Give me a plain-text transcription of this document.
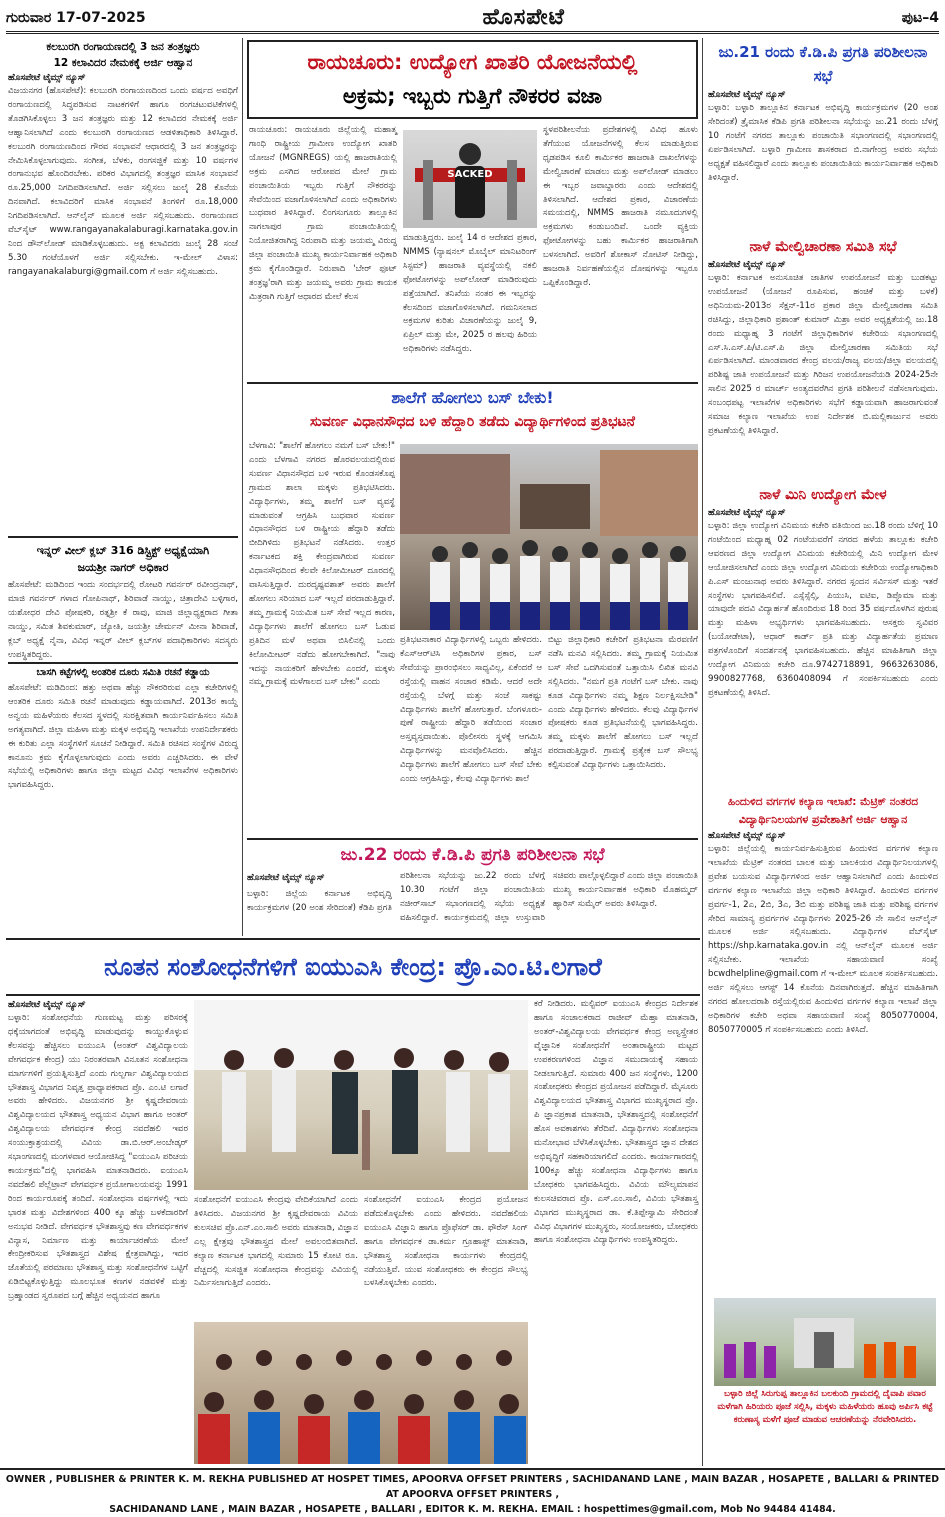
ಗುರುವಾರ 17-07-2025	ಹೊಸಪೇಟೆ	ಪುಟ–4
ಕಲಬುರಗಿ ರಂಗಾಯಣದಲ್ಲಿ 3 ಜನ ತಂತ್ರಜ್ಞರು
12 ಕಲಾವಿದರ ನೇಮಕಕ್ಕೆ ಅರ್ಜಿ ಆಹ್ವಾನ
ಹೊಸಪೇಟೆ ಟೈಮ್ಸ್ ನ್ಯೂಸ್
ವಿಜಯನಗರ (ಹೊಸಪೇಟೆ): ಕಲಬುರಗಿ ರಂಗಾಯಣದಿಂದ ಒಂದು ವರ್ಷದ ಅವಧಿಗೆ ರಂಗಾಯಣದಲ್ಲಿ ಸಿದ್ಧಪಡಿಸುವ ನಾಟಕಗಳಿಗೆ ಹಾಗೂ ರಂಗಚಟುವಟಿಕೆಗಳಲ್ಲಿ ತೊಡಗಿಸಿಕೊಳ್ಳಲು 3 ಜನ ತಂತ್ರಜ್ಞರು ಮತ್ತು 12 ಕಲಾವಿದರ ನೇಮಕಕ್ಕೆ ಅರ್ಜಿ ಆಹ್ವಾನಿಸಲಾಗಿದೆ ಎಂದು ಕಲಬುರಗಿ ರಂಗಾಯಣದ ಆಡಳಿತಾಧಿಕಾರಿ ತಿಳಿಸಿದ್ದಾರೆ. ಕಲಬುರಗಿ ರಂಗಾಯಣದಿಂದ ಗೌರವ ಸಂಭಾವನೆ ಆಧಾರದಲ್ಲಿ 3 ಜನ ತಂತ್ರಜ್ಞರನ್ನು ನೇಮಿಸಿಕೊಳ್ಳಲಾಗುವುದು. ಸಂಗೀತ, ಬೆಳಕು, ರಂಗಸಜ್ಜಿಕೆ ಮತ್ತು 10 ವರ್ಷಗಳ ರಂಗಾನುಭವ ಹೊಂದಿರಬೇಕು. ಪರಿಕರ ವಿಭಾಗದಲ್ಲಿ ತಂತ್ರಜ್ಞರ ಮಾಸಿಕ ಸಂಭಾವನೆ ರೂ.25,000 ನಿಗದಿಪಡಿಸಲಾಗಿದೆ. ಅರ್ಜಿ ಸಲ್ಲಿಸಲು ಜುಲೈ 28 ಕೊನೆಯ ದಿನವಾಗಿದೆ. ಕಲಾವಿದರಿಗೆ ಮಾಸಿಕ ಸಂಭಾವನೆ ತಿಂಗಳಿಗೆ ರೂ.18,000 ನಿಗದಿಪಡಿಸಲಾಗಿದೆ. ಆನ್‌ಲೈನ್ ಮೂಲಕ ಅರ್ಜಿ ಸಲ್ಲಿಸಬಹುದು. ರಂಗಾಯಣದ ವೆಬ್‌ಸೈಟ್ www.rangayanakalaburagi.karnataka.gov.in ನಿಂದ ಡೌನ್‌ಲೋಡ್ ಮಾಡಿಕೊಳ್ಳಬಹುದು. ಅಕ್ಟ ಕಲಾವಿದರು ಜುಲೈ 28 ಸಂಜೆ 5.30 ಗಂಟೆಯೊಳಗೆ ಅರ್ಜಿ ಸಲ್ಲಿಸಬೇಕು. ಇ-ಮೇಲ್ ವಿಳಾಸ: rangayanakalaburgi@gmail.com ಗೆ ಅರ್ಜಿ ಸಲ್ಲಿಸಬಹುದು.
ಇನ್ನರ್ ವೀಲ್ ಕ್ಲಬ್ 316 ಡಿಸ್ಟ್ರಿಕ್ಟ್ ಅಧ್ಯಕ್ಷೆಯಾಗಿ
ಜಯಶ್ರೀ ನಾಗರ್ ಅಧಿಕಾರ
ಹೊಸಪೇಟೆ: ಮಡಿದಿಂದ ಇಂದು ಸಂದರ್ಭದಲ್ಲಿ ರೋಟರಿ ಗವರ್ನರ್ ರವೀಂದ್ರನಾಥ್, ಮಾಜಿ ಗವರ್ನರ್ ಗಳಾದ ಗೋಪಿನಾಥ್, ಶಿರಿವಾಡೆ ನಾಯ್ಡು, ಚಿತ್ರಾದೇವಿ ಬಳ್ಳಿಗಾರ, ಯಶೋಧರ ದೇವಿ ಪೋಷಕರಿ, ರತ್ನಶ್ರೀ ಕೆ ರಾವು, ಮಾಜಿ ಜಿಲ್ಲಾಧ್ಯಕ್ಷರಾದ ಗೀತಾ ನಾಯ್ಡು, ಸಮಿತ ಶಿವಕುಮಾರ್, ಜ್ಯೋತಿ, ಜಯಶ್ರೀ ಚೇರ್ಮನ್ ಮೀನಾ ಶಿರಿವಾಡೆ, ಕ್ಲಬ್ ಅಧ್ಯಕ್ಷೆ ನೈನಾ, ವಿವಿಧ ಇನ್ನರ್ ವೀಲ್ ಕ್ಲಬ್‌ಗಳ ಪದಾಧಿಕಾರಿಗಳು ಸದಸ್ಯರು ಉಪಸ್ಥಿತರಿದ್ದರು.
ಬಾಸಗಿ ಕಟ್ಟೆಗಳಲ್ಲಿ ಅಂತರಿಕ ದೂರು ಸಮಿತಿ ರಚನೆ ಕಡ್ಡಾಯ
ಹೊಸಪೇಟೆ: ಮಡಿದಿಂದ: ಹತ್ತು ಅಥವಾ ಹೆಚ್ಚು ನೌಕರರಿರುವ ಎಲ್ಲಾ ಕಚೇರಿಗಳಲ್ಲಿ ಆಂತರಿಕ ದೂರು ಸಮಿತಿ ರಚನೆ ಮಾಡುವುದು ಕಡ್ಡಾಯವಾಗಿದೆ. 2013ರ ಕಾಯ್ದೆ ಅನ್ವಯ ಮಹಿಳೆಯರು ಕೆಲಸದ ಸ್ಥಳದಲ್ಲಿ ಸುರಕ್ಷಿತವಾಗಿ ಕಾರ್ಯನಿರ್ವಹಿಸಲು ಸಮಿತಿ ಅಗತ್ಯವಾಗಿದೆ. ಜಿಲ್ಲಾ ಮಹಿಳಾ ಮತ್ತು ಮಕ್ಕಳ ಅಭಿವೃದ್ಧಿ ಇಲಾಖೆಯ ಉಪನಿರ್ದೇಶಕರು ಈ ಕುರಿತು ಎಲ್ಲಾ ಸಂಸ್ಥೆಗಳಿಗೆ ಸೂಚನೆ ನೀಡಿದ್ದಾರೆ. ಸಮಿತಿ ರಚಿಸದ ಸಂಸ್ಥೆಗಳ ವಿರುದ್ಧ ಕಾನೂನು ಕ್ರಮ ಕೈಗೊಳ್ಳಲಾಗುವುದು ಎಂದು ಅವರು ಎಚ್ಚರಿಸಿದರು. ಈ ವೇಳೆ ಸಭೆಯಲ್ಲಿ ಅಧಿಕಾರಿಗಳು ಹಾಗೂ ಜಿಲ್ಲಾ ಮಟ್ಟದ ವಿವಿಧ ಇಲಾಖೆಗಳ ಅಧಿಕಾರಿಗಳು ಭಾಗವಹಿಸಿದ್ದರು.
ರಾಯಚೂರು: ಉದ್ಯೋಗ ಖಾತರಿ ಯೋಜನೆಯಲ್ಲಿ
ಅಕ್ರಮ; ಇಬ್ಬರು ಗುತ್ತಿಗೆ ನೌಕರರ ವಜಾ
ರಾಯಚೂರು: ರಾಯಚೂರು ಜಿಲ್ಲೆಯಲ್ಲಿ ಮಹಾತ್ಮ ಗಾಂಧಿ ರಾಷ್ಟ್ರೀಯ ಗ್ರಾಮೀಣ ಉದ್ಯೋಗ ಖಾತರಿ ಯೋಜನೆ (MGNREGS) ಯಲ್ಲಿ ಹಾಜರಾತಿಯಲ್ಲಿ ಅಕ್ರಮ ಎಸಗಿದ ಆರೋಪದ ಮೇಲೆ ಗ್ರಾಮ ಪಂಚಾಯಿತಿಯ ಇಬ್ಬರು ಗುತ್ತಿಗೆ ನೌಕರರನ್ನು ಸೇವೆಯಿಂದ ವಜಾಗೊಳಿಸಲಾಗಿದೆ ಎಂದು ಅಧಿಕಾರಿಗಳು ಬುಧವಾರ ತಿಳಿಸಿದ್ದಾರೆ. ಲಿಂಗಸುಗೂರು ತಾಲ್ಲೂಕಿನ ನಾಗಲಾಪುರ ಗ್ರಾಮ ಪಂಚಾಯಿತಿಯಲ್ಲಿ ನಿಯೋಜಿತರಾಗಿದ್ದ ನಿರುಪಾದಿ ಮತ್ತು ಜಯಮ್ಮ ವಿರುದ್ಧ ಜಿಲ್ಲಾ ಪಂಚಾಯಿತಿ ಮುಖ್ಯ ಕಾರ್ಯನಿರ್ವಾಹಕ ಅಧಿಕಾರಿ ಕ್ರಮ ಕೈಗೊಂಡಿದ್ದಾರೆ. ನಿರುಪಾದಿ 'ಬೇರ್ ಫೂಟ್ ತಂತ್ರಜ್ಞ'ರಾಗಿ ಮತ್ತು ಜಯಮ್ಮ ಅವರು ಗ್ರಾಮ ಕಾಯಕ ಮಿತ್ರರಾಗಿ ಗುತ್ತಿಗೆ ಆಧಾರದ ಮೇಲೆ ಕೆಲಸ
SACKED
ಮಾಡುತ್ತಿದ್ದರು. ಜುಲೈ 14 ರ ಆದೇಶದ ಪ್ರಕಾರ, NMMS (ನ್ಯಾಷನಲ್ ಮೊಬೈಲ್ ಮಾನಿಟರಿಂಗ್ ಸಿಸ್ಟಮ್) ಹಾಜರಾತಿ ವ್ಯವಸ್ಥೆಯಲ್ಲಿ ನಕಲಿ ಫೋಟೋಗಳನ್ನು ಅಪ್‌ಲೋಡ್ ಮಾಡಿರುವುದು ಪತ್ತೆಯಾಗಿದೆ. ತನಿಖೆಯ ನಂತರ ಈ ಇಬ್ಬರನ್ನು ಕೆಲಸದಿಂದ ವಜಾಗೊಳಿಸಲಾಗಿದೆ. ಗಮನಿಸಲಾದ ಅಕ್ರಮಗಳ ಕುರಿತು ವಿಚಾರಣೆಯನ್ನು ಜುಲೈ 9, ಏಪ್ರಿಲ್ ಮತ್ತು ಮೇ, 2025 ರ ಹಲವು ಹಿರಿಯ ಅಧಿಕಾರಿಗಳು ನಡೆಸಿದ್ದರು.
ಸ್ಥಳಪರಿಶೀಲನೆಯ ಪ್ರದೇಶಗಳಲ್ಲಿ ವಿವಿಧ ಹೂಳು ತೆಗೆಯುವ ಯೋಜನೆಗಳಲ್ಲಿ ಕೆಲಸ ಮಾಡುತ್ತಿರುವ ಧೃಡಪಡಿಸ ಕೂಲಿ ಕಾರ್ಮಿಕರ ಹಾಜರಾತಿ ದಾಖಲೆಗಳನ್ನು ಮೇಲ್ವಿಚಾರಣೆ ಮಾಡಲು ಮತ್ತು ಅಪ್‌ಲೋಡ್ ಮಾಡಲು ಈ ಇಬ್ಬರ ಜವಾಬ್ದಾರರು ಎಂದು ಆದೇಶದಲ್ಲಿ ತಿಳಿಸಲಾಗಿದೆ. ಆದೇಶದ ಪ್ರಕಾರ, ವಿಚಾರಣೆಯ ಸಮಯದಲ್ಲಿ, NMMS ಹಾಜರಾತಿ ನಮೂದುಗಳಲ್ಲಿ ಅಕ್ರಮಗಳು ಕಂಡುಬಂದಿವೆ. ಒಂದೇ ವ್ಯಕ್ತಿಯ ಫೋಟೋಗಳನ್ನು ಬಹು ಕಾರ್ಮಿಕರ ಹಾಜರಾತಿಗಾಗಿ ಬಳಸಲಾಗಿದೆ. ಅವರಿಗೆ ಶೋಕಾಸ್ ನೋಟಿಸ್ ನೀಡಿದ್ದು, ಹಾಜರಾತಿ ನಿರ್ವಹಣೆಯಲ್ಲಿನ ದೋಷಗಳನ್ನು ಇಬ್ಬರೂ ಒಪ್ಪಿಕೊಂಡಿದ್ದಾರೆ.
ಶಾಲೆಗೆ ಹೋಗಲು ಬಸ್ ಬೇಕು!
ಸುವರ್ಣ ವಿಧಾನಸೌಧದ ಬಳಿ ಹೆದ್ದಾರಿ ತಡೆದು ವಿದ್ಯಾರ್ಥಿಗಳಿಂದ ಪ್ರತಿಭಟನೆ
ಬೆಳಗಾವಿ: "ಶಾಲೆಗೆ ಹೋಗಲು ನಮಗೆ ಬಸ್ ಬೇಕು!" ಎಂದು ಬೆಳಗಾವಿ ನಗರದ ಹೊರವಲಯದಲ್ಲಿರುವ ಸುವರ್ಣ ವಿಧಾನಸೌಧದ ಬಳಿ ಇರುವ ಕೊಂಡಸಕೊಪ್ಪ ಗ್ರಾಮದ ಶಾಲಾ ಮಕ್ಕಳು ಪ್ರತಿಭಟಿಸಿದರು. ವಿದ್ಯಾರ್ಥಿಗಳು, ತಮ್ಮ ಶಾಲೆಗೆ ಬಸ್ ವ್ಯವಸ್ಥೆ ಮಾಡುವಂತೆ ಆಗ್ರಹಿಸಿ ಬುಧವಾರ ಸುವರ್ಣ ವಿಧಾನಸೌಧದ ಬಳಿ ರಾಷ್ಟ್ರೀಯ ಹೆದ್ದಾರಿ ತಡೆದು ಬೀದಿಗಿಳಿದು ಪ್ರತಿಭಟನೆ ನಡೆಸಿದರು. ಉತ್ತರ ಕರ್ನಾಟಕದ ಶಕ್ತಿ ಕೇಂದ್ರವಾಗಿರುವ ಸುವರ್ಣ ವಿಧಾನಸೌಧದಿಂದ ಕೆಲವೇ ಕಿಲೋಮೀಟರ್ ದೂರದಲ್ಲಿ ವಾಸಿಸುತ್ತಿದ್ದಾರೆ. ದುರದೃಷ್ಟವಶಾತ್ ಅವರು ಶಾಲೆಗೆ ಹೋಗಲು ಸರಿಯಾದ ಬಸ್ ಇಲ್ಲದೆ ಪರದಾಡುತ್ತಿದ್ದಾರೆ. ತಮ್ಮ ಗ್ರಾಮಕ್ಕೆ ನಿಯಮಿತ ಬಸ್ ಸೇವೆ ಇಲ್ಲದ ಕಾರಣ, ವಿದ್ಯಾರ್ಥಿಗಳು ಶಾಲೆಗೆ ಹೋಗಲು ಬಸ್ ಓಡುವ ಪ್ರತಿದಿನ ಮಳೆ ಅಥವಾ ಬಿಸಿಲಿನಲ್ಲಿ ಒಂದು ಕಿಲೋಮೀಟರ್ ನಡೆದು ಹೋಗಬೇಕಾಗಿದೆ. "ನಾವು ಇದನ್ನು ನಾಯಕರಿಗೆ ಹೇಳಬೇಕು ಎಂದರೆ, ಮಕ್ಕಳು ನಮ್ಮ ಗ್ರಾಮಕ್ಕೆ ಮಳೆಗಾಲದ ಬಸ್ ಬೇಕು" ಎಂದು
ಪ್ರತಿಭಟನಾಕಾರ ವಿದ್ಯಾರ್ಥಿಗಳಲ್ಲಿ ಒಬ್ಬರು ಹೇಳಿದರು. ಕೆಎಸ್‌ಆರ್‌ಟಿಸಿ ಅಧಿಕಾರಿಗಳ ಪ್ರಕಾರ, ಬಸ್ ಸೇವೆಯನ್ನು ಪ್ರಾರಂಭಿಸಲು ಸಾಧ್ಯವಿಲ್ಲ, ಏಕೆಂದರೆ ಆ ರಸ್ತೆಯಲ್ಲಿ ವಾಹನ ಸಂಚಾರ ಕಡಿಮೆ. ಆದರೆ ಅದೇ ರಸ್ತೆಯಲ್ಲಿ ಬೆಳಗ್ಗೆ ಮತ್ತು ಸಂಜೆ ಸಾಕಷ್ಟು ವಿದ್ಯಾರ್ಥಿಗಳು ಶಾಲೆಗೆ ಹೋಗುತ್ತಾರೆ. ಬೆಂಗಳೂರು-ಪುಣೆ ರಾಷ್ಟ್ರೀಯ ಹೆದ್ದಾರಿ ತಡೆಯಿಂದ ಸಂಚಾರ ಅಸ್ತವ್ಯಸ್ತವಾಯಿತು. ಪೊಲೀಸರು ಸ್ಥಳಕ್ಕೆ ಆಗಮಿಸಿ ವಿದ್ಯಾರ್ಥಿಗಳನ್ನು ಮನವೊಲಿಸಿದರು. ಹೆಚ್ಚಿನ ವಿದ್ಯಾರ್ಥಿಗಳು ಶಾಲೆಗೆ ಹೋಗಲು ಬಸ್ ಸೇವೆ ಬೇಕು ಎಂದು ಆಗ್ರಹಿಸಿದ್ದು, ಕೆಲವು ವಿದ್ಯಾರ್ಥಿಗಳು ಶಾಲೆ
ಬಿಟ್ಟು ಜಿಲ್ಲಾಧಿಕಾರಿ ಕಚೇರಿಗೆ ಪ್ರತಿಭಟನಾ ಮೆರವಣಿಗೆ ನಡೆಸಿ ಮನವಿ ಸಲ್ಲಿಸಿದರು. ತಮ್ಮ ಗ್ರಾಮಕ್ಕೆ ನಿಯಮಿತ ಬಸ್ ಸೇವೆ ಒದಗಿಸುವಂತೆ ಒತ್ತಾಯಿಸಿ ಲಿಖಿತ ಮನವಿ ಸಲ್ಲಿಸಿದರು. "ನಮಗೆ ಪ್ರತಿ ಗಂಟೆಗೆ ಬಸ್ ಬೇಕು. ನಾವು ಕೂಡ ವಿದ್ಯಾರ್ಥಿಗಳು ನಮ್ಮ ಶಿಕ್ಷಣ ನಿರ್ಲಕ್ಷಿಸಬೇಡಿ" ಎಂದು ವಿದ್ಯಾರ್ಥಿಗಳು ಹೇಳಿದರು. ಕೆಲವು ವಿದ್ಯಾರ್ಥಿಗಳ ಪೋಷಕರು ಕೂಡ ಪ್ರತಿಭಟನೆಯಲ್ಲಿ ಭಾಗವಹಿಸಿದ್ದರು. ತಮ್ಮ ಮಕ್ಕಳು ಶಾಲೆಗೆ ಹೋಗಲು ಬಸ್ ಇಲ್ಲದೆ ಪರದಾಡುತ್ತಿದ್ದಾರೆ. ಗ್ರಾಮಕ್ಕೆ ಪ್ರತ್ಯೇಕ ಬಸ್ ಸೌಲಭ್ಯ ಕಲ್ಪಿಸುವಂತೆ ವಿದ್ಯಾರ್ಥಿಗಳು ಒತ್ತಾಯಿಸಿದರು.
ಜು.22 ರಂದು ಕೆ.ಡಿ.ಪಿ ಪ್ರಗತಿ ಪರಿಶೀಲನಾ ಸಭೆ
ಹೊಸಪೇಟೆ ಟೈಮ್ಸ್ ನ್ಯೂಸ್
ಬಳ್ಳಾರಿ: ಜಿಲ್ಲೆಯ ಕರ್ನಾಟಕ ಅಭಿವೃದ್ಧಿ ಕಾರ್ಯಕ್ರಮಗಳ (20 ಅಂಶ ಸೇರಿದಂತೆ) ಕೆಡಿಪಿ ಪ್ರಗತಿ ಪರಿಶೀಲನಾ ಸಭೆಯನ್ನು ಜು.22 ರಂದು ಬೆಳಗ್ಗೆ 10.30 ಗಂಟೆಗೆ ಜಿಲ್ಲಾ ಪಂಚಾಯಿತಿಯ ನಜೀರ್‌ಸಾಬ್ ಸಭಾಂಗಣದಲ್ಲಿ ಸಭೆಯ ಅಧ್ಯಕ್ಷತೆ ವಹಿಸಲಿದ್ದಾರೆ. ಕಾರ್ಯಕ್ರಮದಲ್ಲಿ ಜಿಲ್ಲಾ ಉಸ್ತುವಾರಿ ಸಚಿವರು ಪಾಲ್ಗೊಳ್ಳಲಿದ್ದಾರೆ ಎಂದು ಜಿಲ್ಲಾ ಪಂಚಾಯಿತಿ ಮುಖ್ಯ ಕಾರ್ಯನಿರ್ವಾಹಕ ಅಧಿಕಾರಿ ಮೊಹಮ್ಮದ್ ಹ್ಯಾರಿಸ್ ಸುಮೈರ್ ಅವರು ತಿಳಿಸಿದ್ದಾರೆ.
ಜು.21 ರಂದು ಕೆ.ಡಿ.ಪಿ ಪ್ರಗತಿ ಪರಿಶೀಲನಾ ಸಭೆ
ಹೊಸಪೇಟೆ ಟೈಮ್ಸ್ ನ್ಯೂಸ್
ಬಳ್ಳಾರಿ: ಬಳ್ಳಾರಿ ತಾಲ್ಲೂಕಿನ ಕರ್ನಾಟಕ ಅಭಿವೃದ್ಧಿ ಕಾರ್ಯಕ್ರಮಗಳ (20 ಅಂಶ ಸೇರಿದಂತೆ) ತ್ರೈಮಾಸಿಕ ಕೆಡಿಪಿ ಪ್ರಗತಿ ಪರಿಶೀಲನಾ ಸಭೆಯನ್ನು ಜು.21 ರಂದು ಬೆಳಗ್ಗೆ 10 ಗಂಟೆಗೆ ನಗರದ ತಾಲ್ಲೂಕು ಪಂಚಾಯಿತಿ ಸಭಾಂಗಣದಲ್ಲಿ ಸಭಾಂಗಣದಲ್ಲಿ ಏರ್ಪಡಿಸಲಾಗಿದೆ. ಬಳ್ಳಾರಿ ಗ್ರಾಮೀಣ ಶಾಸಕರಾದ ಬಿ.ನಾಗೇಂದ್ರ ಅವರು ಸಭೆಯ ಅಧ್ಯಕ್ಷತೆ ವಹಿಸಲಿದ್ದಾರೆ ಎಂದು ತಾಲ್ಲೂಕು ಪಂಚಾಯಿತಿಯ ಕಾರ್ಯನಿರ್ವಾಹಕ ಅಧಿಕಾರಿ ತಿಳಿಸಿದ್ದಾರೆ.
ನಾಳೆ ಮೇಲ್ವಿಚಾರಣಾ ಸಮಿತಿ ಸಭೆ
ಹೊಸಪೇಟೆ ಟೈಮ್ಸ್ ನ್ಯೂಸ್
ಬಳ್ಳಾರಿ: ಕರ್ನಾಟಕ ಅನುಸೂಚಿತ ಜಾತಿಗಳ ಉಪಯೋಜನೆ ಮತ್ತು ಬುಡಕಟ್ಟು ಉಪಯೋಜನೆ (ಯೋಜನೆ ರೂಪಿಸುವ, ಹಂಚಿಕೆ ಮತ್ತು ಬಳಕೆ) ಅಧಿನಿಯಮ-2013ರ ಸೆಕ್ಷನ್-11ರ ಪ್ರಕಾರ ಜಿಲ್ಲಾ ಮೇಲ್ವಿಚಾರಣಾ ಸಮಿತಿ ರಚಿಸಿದ್ದು, ಜಿಲ್ಲಾಧಿಕಾರಿ ಪ್ರಶಾಂತ್ ಕುಮಾರ್ ಮಿಶ್ರಾ ಅವರ ಅಧ್ಯಕ್ಷತೆಯಲ್ಲಿ ಜು.18 ರಂದು ಮಧ್ಯಾಹ್ನ 3 ಗಂಟೆಗೆ ಜಿಲ್ಲಾಧಿಕಾರಿಗಳ ಕಚೇರಿಯ ಸಭಾಂಗಣದಲ್ಲಿ ಎಸ್.ಸಿ.ಎಸ್.ಪಿ/ಟಿ.ಎಸ್.ಪಿ ಜಿಲ್ಲಾ ಮೇಲ್ವಿಚಾರಣಾ ಸಮಿತಿಯ ಸಭೆ ಏರ್ಪಡಿಸಲಾಗಿದೆ. ಮಾಂಡವಾರದ ಕೇಂದ್ರ ವಲಯ/ರಾಜ್ಯ ವಲಯ/ಜಿಲ್ಲಾ ವಲಯದಲ್ಲಿ ಪರಿಶಿಷ್ಟ ಜಾತಿ ಉಪಯೋಜನೆ ಮತ್ತು ಗಿರಿಜನ ಉಪಯೋಜನೆಯಡಿ 2024-25ನೇ ಸಾಲಿನ 2025 ರ ಮಾರ್ಚ್ ಅಂತ್ಯದವರೆಗಿನ ಪ್ರಗತಿ ಪರಿಶೀಲನೆ ನಡೆಸಲಾಗುವುದು. ಸಂಬಂಧಪಟ್ಟ ಇಲಾಖೆಗಳ ಅಧಿಕಾರಿಗಳು ಸಭೆಗೆ ಕಡ್ಡಾಯವಾಗಿ ಹಾಜರಾಗುವಂತೆ ಸಮಾಜ ಕಲ್ಯಾಣ ಇಲಾಖೆಯ ಉಪ ನಿರ್ದೇಶಕ ಬಿ.ಮಲ್ಲಿಕಾರ್ಜುನ ಅವರು ಪ್ರಕಟಣೆಯಲ್ಲಿ ತಿಳಿಸಿದ್ದಾರೆ.
ನಾಳೆ ಮಿನಿ ಉದ್ಯೋಗ ಮೇಳ
ಹೊಸಪೇಟೆ ಟೈಮ್ಸ್ ನ್ಯೂಸ್
ಬಳ್ಳಾರಿ: ಜಿಲ್ಲಾ ಉದ್ಯೋಗ ವಿನಿಮಯ ಕಚೇರಿ ವತಿಯಿಂದ ಜು.18 ರಂದು ಬೆಳಿಗ್ಗೆ 10 ಗಂಟೆಯಿಂದ ಮಧ್ಯಾಹ್ನ 02 ಗಂಟೆಯವರೆಗೆ ನಗರದ ಹಳೆಯ ತಾಲ್ಲೂಕು ಕಚೇರಿ ಆವರಣದ ಜಿಲ್ಲಾ ಉದ್ಯೋಗ ವಿನಿಮಯ ಕಚೇರಿಯಲ್ಲಿ ಮಿನಿ ಉದ್ಯೋಗ ಮೇಳ ಆಯೋಜಿಸಲಾಗಿದೆ ಎಂದು ಜಿಲ್ಲಾ ಉದ್ಯೋಗ ವಿನಿಮಯ ಕಚೇರಿಯ ಉದ್ಯೋಗಾಧಿಕಾರಿ ಪಿ.ಎಸ್ ಮಂಜುನಾಥ ಅವರು ತಿಳಿಸಿದ್ದಾರೆ. ನಗರದ ಸ್ಪಂದನ ಸರ್ವಿಸಸ್ ಮತ್ತು ಇತರೆ ಸಂಸ್ಥೆಗಳು ಭಾಗವಹಿಸಲಿವೆ. ಎಸ್ಸೆಸ್ಸೆಲ್ಸಿ, ಪಿಯುಸಿ, ಐಟಿಐ, ಡಿಪ್ಲೊಮಾ ಮತ್ತು ಯಾವುದೇ ಪದವಿ ವಿದ್ಯಾರ್ಹತೆ ಹೊಂದಿರುವ 18 ರಿಂದ 35 ವರ್ಷದೊಳಗಿನ ಪುರುಷ ಮತ್ತು ಮಹಿಳಾ ಅಭ್ಯರ್ಥಿಗಳು ಭಾಗವಹಿಸಬಹುದು. ಆಸಕ್ತರು ಸ್ವವಿವರ (ಬಯೋಡೇಟಾ), ಆಧಾರ್ ಕಾರ್ಡ್ ಪ್ರತಿ ಮತ್ತು ವಿದ್ಯಾರ್ಹತೆಯ ಪ್ರಮಾಣ ಪತ್ರಗಳೊಂದಿಗೆ ಸಂದರ್ಶನಕ್ಕೆ ಭಾಗವಹಿಸಬಹುದು. ಹೆಚ್ಚಿನ ಮಾಹಿತಿಗಾಗಿ ಜಿಲ್ಲಾ ಉದ್ಯೋಗ ವಿನಿಮಯ ಕಚೇರಿ ದೂ.9742718891, 9663263086, 9900827768, 6360408094 ಗೆ ಸಂಪರ್ಕಿಸಬಹುದು ಎಂದು ಪ್ರಕಟಣೆಯಲ್ಲಿ ತಿಳಿಸಿದೆ.
ಹಿಂದುಳಿದ ವರ್ಗಗಳ ಕಲ್ಯಾಣ ಇಲಾಖೆ: ಮೆಟ್ರಿಕ್ ನಂತರದ
ವಿದ್ಯಾರ್ಥಿನಿಲಯಗಳ ಪ್ರವೇಶಾತಿಗೆ ಅರ್ಜಿ ಆಹ್ವಾನ
ಹೊಸಪೇಟೆ ಟೈಮ್ಸ್ ನ್ಯೂಸ್
ಬಳ್ಳಾರಿ: ಜಿಲ್ಲೆಯಲ್ಲಿ ಕಾರ್ಯನಿರ್ವಹಿಸುತ್ತಿರುವ ಹಿಂದುಳಿದ ವರ್ಗಗಳ ಕಲ್ಯಾಣ ಇಲಾಖೆಯ ಮೆಟ್ರಿಕ್ ನಂತರದ ಬಾಲಕ ಮತ್ತು ಬಾಲಕಿಯರ ವಿದ್ಯಾರ್ಥಿನಿಲಯಗಳಲ್ಲಿ ಪ್ರವೇಶ ಬಯಸುವ ವಿದ್ಯಾರ್ಥಿಗಳಿಂದ ಅರ್ಜಿ ಆಹ್ವಾನಿಸಲಾಗಿದೆ ಎಂದು ಹಿಂದುಳಿದ ವರ್ಗಗಳ ಕಲ್ಯಾಣ ಇಲಾಖೆಯ ಜಿಲ್ಲಾ ಅಧಿಕಾರಿ ತಿಳಿಸಿದ್ದಾರೆ. ಹಿಂದುಳಿದ ವರ್ಗಗಳ ಪ್ರವರ್ಗ-1, 2ಎ, 2ಬಿ, 3ಎ, 3ಬಿ ಮತ್ತು ಪರಿಶಿಷ್ಟ ಜಾತಿ ಮತ್ತು ಪರಿಶಿಷ್ಟ ವರ್ಗಗಳ ಸೇರಿದ ಸಾಮಾನ್ಯ ಪ್ರವರ್ಗಗಳ ವಿದ್ಯಾರ್ಥಿಗಳು 2025-26 ನೇ ಸಾಲಿನ ಆನ್‌ಲೈನ್ ಮೂಲಕ ಅರ್ಜಿ ಸಲ್ಲಿಸಬಹುದು. ವಿದ್ಯಾರ್ಥಿಗಳ ವೆಬ್‌ಸೈಟ್ https://shp.karnataka.gov.in ನಲ್ಲಿ ಆನ್‌ಲೈನ್ ಮೂಲಕ ಅರ್ಜಿ ಸಲ್ಲಿಸಬೇಕು. ಇಲಾಖೆಯ ಸಹಾಯವಾಣಿ ಸಂಖ್ಯೆ bcwdhelpline@gmail.com ಗೆ ಇ-ಮೇಲ್ ಮೂಲಕ ಸಂಪರ್ಕಿಸಬಹುದು. ಅರ್ಜಿ ಸಲ್ಲಿಸಲು ಆಗಸ್ಟ್ 14 ಕೊನೆಯ ದಿನವಾಗಿರುತ್ತದೆ. ಹೆಚ್ಚಿನ ಮಾಹಿತಿಗಾಗಿ ನಗರದ ಹೋಲದರಾಶಿ ರಸ್ತೆಯಲ್ಲಿರುವ ಹಿಂದುಳಿದ ವರ್ಗಗಳ ಕಲ್ಯಾಣ ಇಲಾಖೆ ಜಿಲ್ಲಾ ಅಧಿಕಾರಿಗಳ ಕಚೇರಿ ಅಥವಾ ಸಹಾಯವಾಣಿ ಸಂಖ್ಯೆ 8050770004, 8050770005 ಗೆ ಸಂಪರ್ಕಿಸಬಹುದು ಎಂದು ತಿಳಿಸಿದೆ.
ಬಳ್ಳಾರಿ ಜಿಲ್ಲೆ ಸಿರುಗುಪ್ಪ ತಾಲ್ಲೂಕಿನ ಬಲಕುಂದಿ ಗ್ರಾಮದಲ್ಲಿ ದೈವಾಪಿ ಪವಾರ ಮಳೆಗಾಗಿ ಹಿರಿಯರು ಪೂಜೆ ಸಲ್ಲಿಸಿ, ಮಕ್ಕಳು ಮಹಿಳೆಯರು ಹೂವು ಅರ್ಪಿಸಿ ಕಟ್ಟೆ ಕರುಣಾಸ್ಯ ಮಳೆಗೆ ಪೂಜೆ ಮಾಡುವ ಆಚರಣೆಯನ್ನು ನೆರವೇರಿಸಿದರು.
ನೂತನ ಸಂಶೋಧನೆಗಳಿಗೆ ಐಯುಎಸಿ ಕೇಂದ್ರ: ಪ್ರೊ.ಎಂ.ಟಿ.ಲಗಾರೆ
ಹೊಸಪೇಟೆ ಟೈಮ್ಸ್ ನ್ಯೂಸ್
ಬಳ್ಳಾರಿ: ಸಂಶೋಧನೆಯ ಗುಣಮಟ್ಟ ಮತ್ತು ಪರಿಸರಕ್ಕೆ ಧಕ್ಕೆಯಾಗದಂತೆ ಅಭಿವೃದ್ಧಿ ಮಾಡುವುದನ್ನು ಕಾಯ್ದುಕೊಳ್ಳುವ ಕೆಲಸವನ್ನು ಹೆಚ್ಚಿಸಲು ಐಯುಎಸಿ (ಅಂತರ್ ವಿಶ್ವವಿದ್ಯಾಲಯ ವೇಗವರ್ಧಕ ಕೇಂದ್ರ) ಯು ನಿರಂತರವಾಗಿ ವಿನೂತನ ಸಂಶೋಧನಾ ಮಾರ್ಗಗಳಿಗೆ ಪ್ರಯತ್ನಿಸುತ್ತಿದೆ ಎಂದು ಗುಲ್ಬರ್ಗಾ ವಿಶ್ವವಿದ್ಯಾಲಯದ ಭೌತಶಾಸ್ತ್ರ ವಿಭಾಗದ ನಿವೃತ್ತ ಪ್ರಾಧ್ಯಾಪಕರಾದ ಪ್ರೊ. ಎಂ.ಟಿ ಲಗಾರೆ ಅವರು ಹೇಳಿದರು. ವಿಜಯನಗರ ಶ್ರೀ ಕೃಷ್ಣದೇವರಾಯ ವಿಶ್ವವಿದ್ಯಾಲಯದ ಭೌತಶಾಸ್ತ್ರ ಅಧ್ಯಯನ ವಿಭಾಗ ಹಾಗೂ ಅಂತರ್ ವಿಶ್ವವಿದ್ಯಾಲಯ ವೇಗವರ್ಧಕ ಕೇಂದ್ರ ನವದೆಹಲಿ ಇವರ ಸಂಯುಕ್ತಾಶ್ರಯದಲ್ಲಿ ವಿವಿಯ ಡಾ.ಬಿ.ಆರ್.ಅಂಬೇಡ್ಕರ್ ಸಭಾಂಗಣದಲ್ಲಿ ಮಂಗಳವಾರ ಆಯೋಜಿಸಿದ್ದ "ಐಯುಎಸಿ ಪರಿಚಯ ಕಾರ್ಯಕ್ರಮ"ದಲ್ಲಿ ಭಾಗವಹಿಸಿ ಮಾತನಾಡಿದರು. ಐಯುಎಸಿ ನವದೆಹಲಿ ಪೆಲ್ಲೆಟ್ರಾನ್ ವೇಗವರ್ಧಕ ಪ್ರಯೋಗಾಲಯವನ್ನು 1991 ರಿಂದ ಕಾರ್ಯರೂಪಕ್ಕೆ ತಂದಿದೆ. ಸಂಶೋಧನಾ ವರ್ಷಗಳಲ್ಲಿ ಇದು ಭಾರತ ಮತ್ತು ವಿದೇಶಗಳಿಂದ 400 ಕ್ಕೂ ಹೆಚ್ಚು ಬಳಕೆದಾರರಿಗೆ ಅನುಭವ ನೀಡಿದೆ. ವೇಗವರ್ಧಕ ಭೌತಶಾಸ್ತ್ರವು ಕಣ ವೇಗವರ್ಧಕಗಳ ವಿನ್ಯಾಸ, ನಿರ್ಮಾಣ ಮತ್ತು ಕಾರ್ಯಾಚರಣೆಯ ಮೇಲೆ ಕೇಂದ್ರೀಕರಿಸುವ ಭೌತಶಾಸ್ತ್ರದ ವಿಶೇಷ ಕ್ಷೇತ್ರವಾಗಿದ್ದು, ಇದರ ಜೊತೆಯಲ್ಲಿ ಪರಮಾಣು ಭೌತಶಾಸ್ತ್ರ ಮತ್ತು ಸಂಶೋಧನೆಗಳ ಒಟ್ಟಿಗೆ ಏಡಿಬಿಟ್ಟಕೊಳ್ಳುತ್ತಿದ್ದು ಮೂಲಭೂತ ಕಣಗಳ ನಡವಳಿಕೆ ಮತ್ತು ಬ್ರಹ್ಮಾಂಡದ ಸ್ವರೂಪದ ಬಗ್ಗೆ ಹೆಚ್ಚಿನ ಅಧ್ಯಯನದ ಹಾಗೂ
ಸಂಶೋಧನೆಗೆ ಐಯುಎಸಿ ಕೇಂದ್ರವು ವೇದಿಕೆಯಾಗಿದೆ ಎಂದು ತಿಳಿಸಿದರು. ವಿಜಯನಗರ ಶ್ರೀ ಕೃಷ್ಣದೇವರಾಯ ವಿವಿಯ ಕುಲಸಚಿವ ಪ್ರೊ.ಎನ್.ಎಂ.ಸಾಲಿ ಅವರು ಮಾತನಾಡಿ, ವಿಜ್ಞಾನ ಎಲ್ಲ ಕ್ಷೇತ್ರವು ಭೌತಶಾಸ್ತ್ರದ ಮೇಲೆ ಅವಲಂಬಿತವಾಗಿದೆ. ಕಲ್ಯಾಣ ಕರ್ನಾಟಕ ಭಾಗದಲ್ಲಿ ಸುಮಾರು 15 ಕೋಟಿ ರೂ. ವೆಚ್ಚದಲ್ಲಿ ಸುಸಜ್ಜಿತ ಸಂಶೋಧನಾ ಕೇಂದ್ರವನ್ನು ವಿವಿಯಲ್ಲಿ ನಿರ್ಮಿಸಲಾಗುತ್ತಿದೆ ಎಂದರು.
ಸಂಶೋಧನೆಗೆ ಐಯುಎಸಿ ಕೇಂದ್ರದ ಪ್ರಯೋಜನ ಪಡೆದುಕೊಳ್ಳಬೇಕು ಎಂದು ಹೇಳಿದರು. ನವದೆಹಲಿಯ ಐಯುಎಸಿ ವಿಜ್ಞಾನಿ ಹಾಗೂ ಪ್ರೊಫೆಸರ್ ಡಾ. ಫೌರೆಸ್ ಸಿಂಗ್ ಹಾಗೂ ವೇಗವರ್ಧಕ ಡಾ.ಕರ್ಮ ಗ್ರೂಹಾಸ್ಟ್ ಮಾತನಾಡಿ, ಭೌತಶಾಸ್ತ್ರ ಸಂಶೋಧನಾ ಕಾರ್ಯಗಳು ಕೇಂದ್ರದಲ್ಲಿ ನಡೆಯುತ್ತಿವೆ. ಯುವ ಸಂಶೋಧಕರು ಈ ಕೇಂದ್ರದ ಸೌಲಭ್ಯ ಬಳಸಿಕೊಳ್ಳಬೇಕು ಎಂದರು.
ಕರೆ ನೀಡಿದರು. ಮಲ್ಟಿವರ್ ಐಯುಎಸಿ ಕೇಂದ್ರದ ನಿರ್ದೇಶಕ ಹಾಗೂ ಸಂಚಾಲಕರಾದ ರಾಜೀವ್ ಮೆಹ್ತಾ ಮಾತನಾಡಿ, ಅಂತರ್-ವಿಶ್ವವಿದ್ಯಾಲಯ ವೇಗವರ್ಧಕ ಕೇಂದ್ರ ಅಣ್ವಸ್ತ್ರೇತರ ವೈಜ್ಞಾನಿಕ ಸಂಶೋಧನೆಗೆ ಅಂತಾರಾಷ್ಟ್ರೀಯ ಮಟ್ಟದ ಉಪಕರಣಗಳಿಂದ ವಿಜ್ಞಾನ ಸಮುದಾಯಕ್ಕೆ ಸಹಾಯ ನೀಡಲಾಗುತ್ತಿದೆ. ಸುಮಾರು 400 ಜನ ಸಂಸ್ಥೆಗಳು, 1200 ಸಂಶೋಧಕರು ಕೇಂದ್ರದ ಪ್ರಯೋಜನ ಪಡೆದಿದ್ದಾರೆ. ಮೈಸೂರು ವಿಶ್ವವಿದ್ಯಾಲಯದ ಭೌತಶಾಸ್ತ್ರ ವಿಭಾಗದ ಮುಖ್ಯಸ್ಥರಾದ ಪ್ರೊ. ಪಿ ಜ್ಞಾನಪ್ರಕಾಶ ಮಾತನಾಡಿ, ಭೌತಶಾಸ್ತ್ರದಲ್ಲಿ ಸಂಶೋಧನೆಗೆ ಹೊಸ ಅವಕಾಶಗಳು ತೆರೆದಿವೆ. ವಿದ್ಯಾರ್ಥಿಗಳು ಸಂಶೋಧನಾ ಮನೋಭಾವ ಬೆಳೆಸಿಕೊಳ್ಳಬೇಕು. ಭೌತಶಾಸ್ತ್ರದ ಜ್ಞಾನ ದೇಶದ ಅಭಿವೃದ್ಧಿಗೆ ಸಹಕಾರಿಯಾಗಲಿದೆ ಎಂದರು. ಕಾರ್ಯಾಗಾರದಲ್ಲಿ 100ಕ್ಕೂ ಹೆಚ್ಚು ಸಂಶೋಧನಾ ವಿದ್ಯಾರ್ಥಿಗಳು ಹಾಗೂ ಬೋಧಕರು ಭಾಗವಹಿಸಿದ್ದರು. ವಿವಿಯ ಮೌಲ್ಯಮಾಪನ ಕುಲಸಚಿವರಾದ ಪ್ರೊ. ಎಸ್.ಎಂ.ಸಾಲಿ, ವಿವಿಯ ಭೌತಶಾಸ್ತ್ರ ವಿಭಾಗದ ಮುಖ್ಯಸ್ಥರಾದ ಡಾ. ಕೆ.ತಿಪ್ಪೇಸ್ವಾಮಿ ಸೇರಿದಂತೆ ವಿವಿಧ ವಿಭಾಗಗಳ ಮುಖ್ಯಸ್ಥರು, ಸಂಯೋಜಕರು, ಬೋಧಕರು ಹಾಗೂ ಸಂಶೋಧನಾ ವಿದ್ಯಾರ್ಥಿಗಳು ಉಪಸ್ಥಿತರಿದ್ದರು.
OWNER , PUBLISHER & PRINTER K. M. REKHA PUBLISHED AT HOSPET TIMES, APOORVA OFFSET PRINTERS , SACHIDANAND LANE , MAIN BAZAR , HOSAPETE , BALLARI & PRINTED AT APOORVA OFFSET PRINTERS ,
SACHIDANAND LANE , MAIN BAZAR , HOSAPETE , BALLARI , EDITOR K. M. REKHA. EMAIL : hospettimes@gmail.com, Mob No 94484 41484.
